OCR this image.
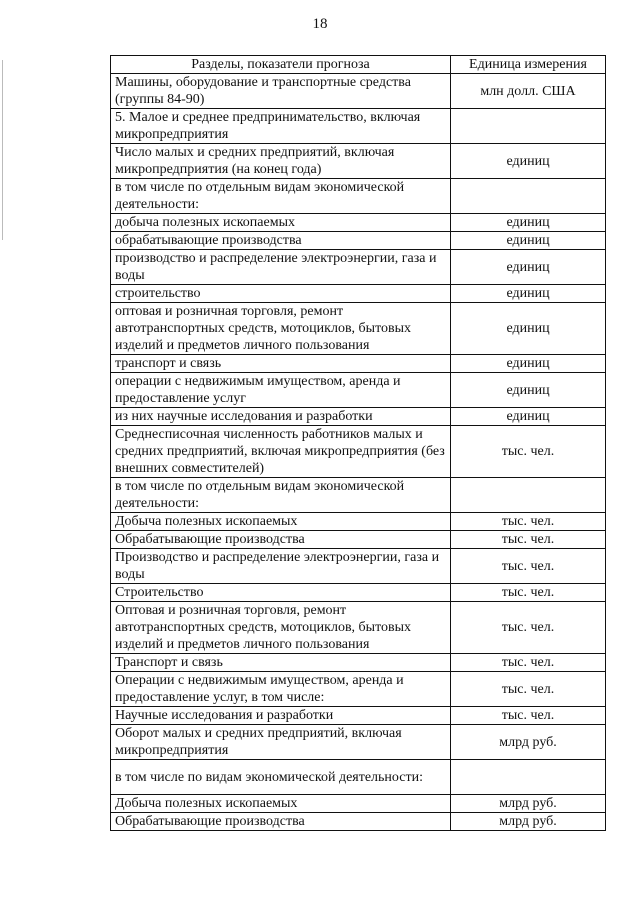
18
Разделы, показатели прогноза	Единица измерения
Машины, оборудование и транспортные средства (группы 84-90)	млн долл. США
5. Малое и среднее предпринимательство, включая микропредприятия	
Число малых и средних предприятий, включая микропредприятия (на конец года)	единиц
в том числе по отдельным видам экономической деятельности:	
добыча полезных ископаемых	единиц
обрабатывающие производства	единиц
производство и распределение электроэнергии, газа и воды	единиц
строительство	единиц
оптовая и розничная торговля, ремонт автотранспортных средств, мотоциклов, бытовых изделий и предметов личного пользования	единиц
транспорт и связь	единиц
операции с недвижимым имуществом, аренда и предоставление услуг	единиц
из них научные исследования и разработки	единиц
Среднесписочная численность работников малых и средних предприятий, включая микропредприятия (без внешних совместителей)	тыс. чел.
в том числе по отдельным видам экономической деятельности:	
Добыча полезных ископаемых	тыс. чел.
Обрабатывающие производства	тыс. чел.
Производство и распределение электроэнергии, газа и воды	тыс. чел.
Строительство	тыс. чел.
Оптовая и розничная торговля, ремонт автотранспортных средств, мотоциклов, бытовых изделий и предметов личного пользования	тыс. чел.
Транспорт и связь	тыс. чел.
Операции с недвижимым имуществом, аренда и предоставление услуг, в том числе:	тыс. чел.
Научные исследования и разработки	тыс. чел.
Оборот малых и средних предприятий, включая микропредприятия	млрд руб.
в том числе по видам экономической деятельности:	
Добыча полезных ископаемых	млрд руб.
Обрабатывающие производства	млрд руб.
